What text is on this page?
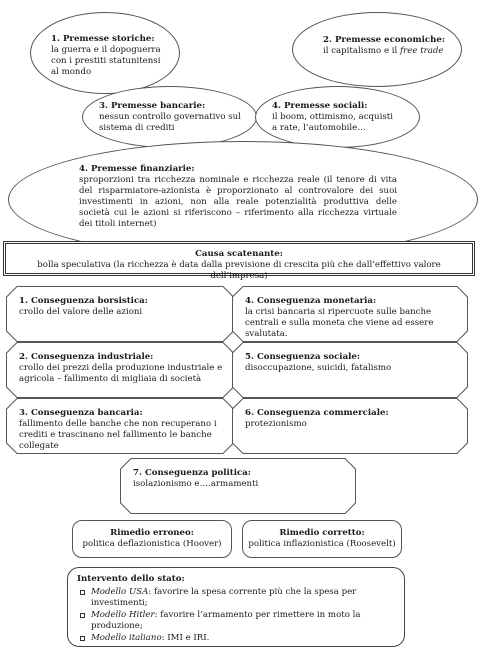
1. Premesse storiche:
la guerra e il dopoguerra con i prestiti statunitensi al mondo
2. Premesse economiche:
il capitalismo e il free trade
3. Premesse bancarie:
nessun controllo governativo sul sistema di crediti
4. Premesse sociali:
il boom, ottimismo, acquisti a rate, l’automobile…
4. Premesse finanziarie:
sproporzioni tra ricchezza nominale e ricchezza reale (il tenore di vita del risparmiatore-azionista è proporzionato al controvalore dei suoi investimenti in azioni, non alla reale potenzialità produttiva delle società cui le azioni si riferiscono – riferimento alla ricchezza virtuale dei titoli internet)
Causa scatenante:
bolla speculativa (la ricchezza è data dalla previsione di crescita più che dall’effettivo valore dell’impresa)
1. Conseguenza borsistica:
crollo del valore delle azioni
4. Conseguenza monetaria:
la crisi bancaria si ripercuote sulle banche centrali e sulla moneta che viene ad essere svalutata.
2. Conseguenza industriale:
crollo dei prezzi della produzione industriale e agricola – fallimento di migliaia di società
5. Conseguenza sociale:
disoccupazione, suicidi, fatalismo
3. Conseguenza bancaria:
fallimento delle banche che non recuperano i crediti e trascinano nel fallimento le banche collegate
6. Conseguenza commerciale:
protezionismo
7. Conseguenza politica:
isolazionismo e….armamenti
Rimedio erroneo:
politica deflazionistica (Hoover)
Rimedio corretto:
politica inflazionistica (Roosevelt)
Intervento dello stato:
Modello USA: favorire la spesa corrente più che la spesa per investimenti;
Modello Hitler: favorire l’armamento per rimettere in moto la produzione;
Modello italiano: IMI e IRI.
